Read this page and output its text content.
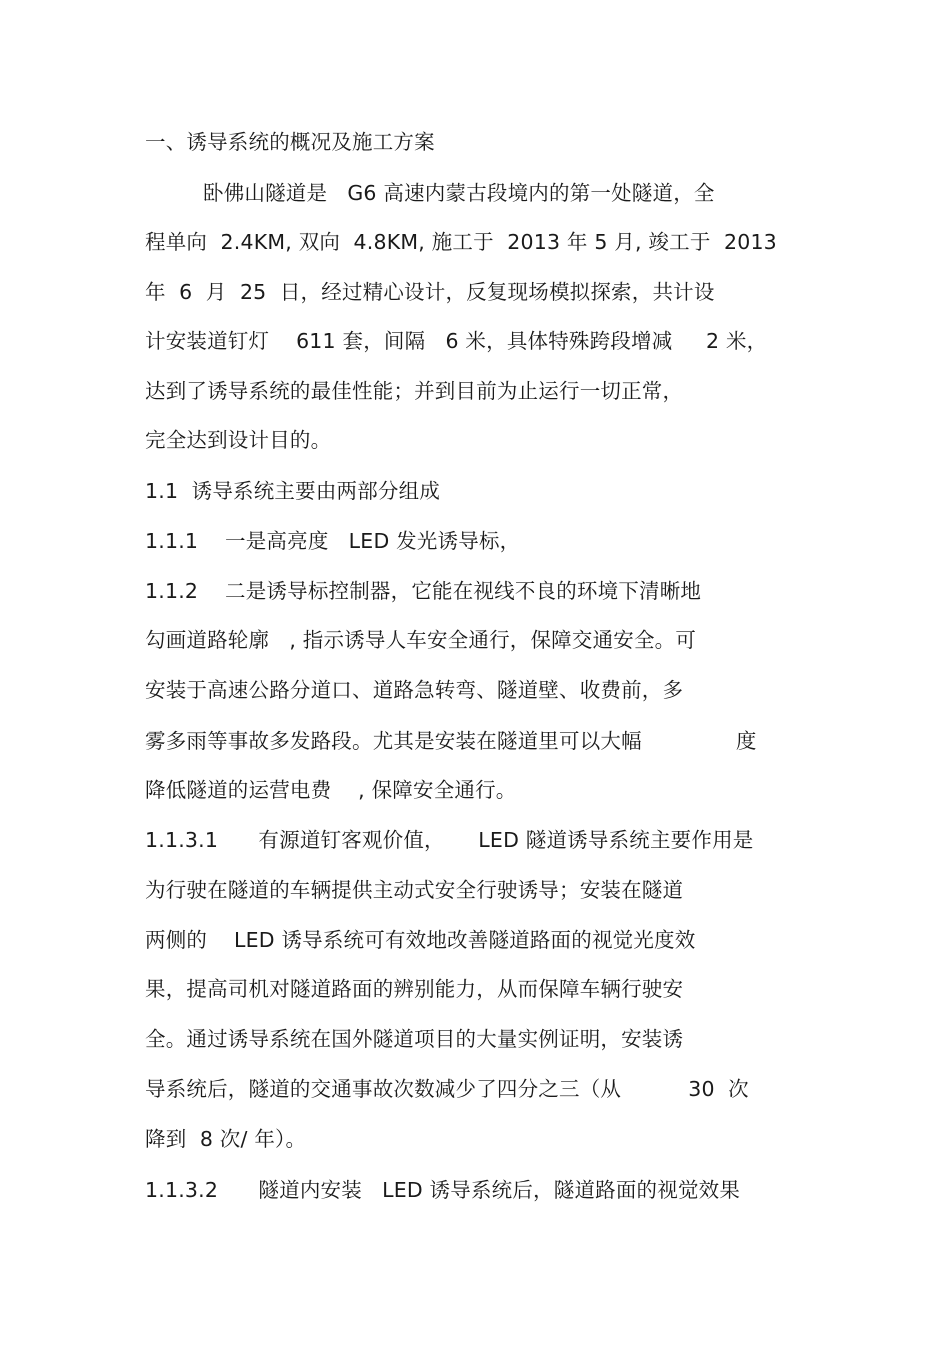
一、诱导系统的概况及施工方案
卧佛山隧道是   G6 高速内蒙古段境内的第一处隧道，全
程单向  2.4KM, 双向  4.8KM, 施工于  2013 年 5 月, 竣工于  2013
年  6  月  25  日，经过精心设计，反复现场模拟探索，共计设
计安装道钉灯    611 套，间隔   6 米，具体特殊跨段增减     2 米，
达到了诱导系统的最佳性能；并到目前为止运行一切正常，
完全达到设计目的。
1.1  诱导系统主要由两部分组成
1.1.1    一是高亮度   LED 发光诱导标，
1.1.2    二是诱导标控制器，它能在视线不良的环境下清晰地
勾画道路轮廓   , 指示诱导人车安全通行，保障交通安全。可
安装于高速公路分道口、道路急转弯、隧道壁、收费前，多
雾多雨等事故多发路段。尤其是安装在隧道里可以大幅              度
降低隧道的运营电费    , 保障安全通行。
1.1.3.1      有源道钉客观价值，     LED 隧道诱导系统主要作用是
为行驶在隧道的车辆提供主动式安全行驶诱导；安装在隧道
两侧的    LED 诱导系统可有效地改善隧道路面的视觉光度效
果，提高司机对隧道路面的辨别能力，从而保障车辆行驶安
全。通过诱导系统在国外隧道项目的大量实例证明，安装诱
导系统后，隧道的交通事故次数减少了四分之三（从          30  次
降到  8 次/ 年）。
1.1.3.2      隧道内安装   LED 诱导系统后，隧道路面的视觉效果
